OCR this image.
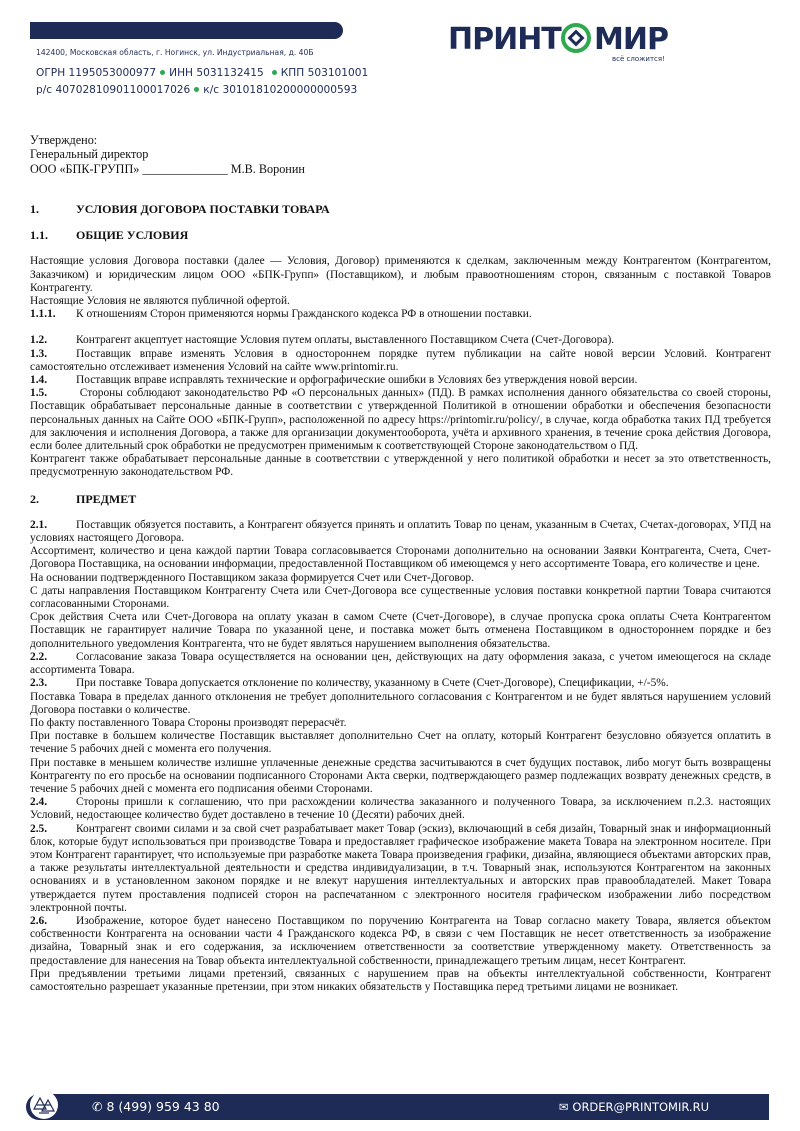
142400, Московская область, г. Ногинск, ул. Индустриальная, д. 40Б
ОГРН 1195053000977 ИНН 5031132415 КПП 503101001
р/с 40702810901100017026 к/с 30101810200000000593
ПРИНТ МИР
всё сложится!
Утверждено:
Генеральный директор
ООО «БПК-ГРУПП» ______________ М.В. Воронин

1.	УСЛОВИЯ ДОГОВОРА ПОСТАВКИ ТОВАРА

1.1. ОБЩИЕ УСЛОВИЯ

Настоящие условия Договора поставки (далее — Условия, Договор) применяются к сделкам, заключенным между Контрагентом (Контрагентом, Заказчиком) и юридическим лицом ООО «БПК-Групп» (Поставщиком), и любым правоотношениям сторон, связанным с поставкой Товаров Контрагенту.

Настоящие Условия не являются публичной офертой.

1.1.1. К отношениям Сторон применяются нормы Гражданского кодекса РФ в отношении поставки.

1.2.	Контрагент акцептует настоящие Условия путем оплаты, выставленного Поставщиком Счета (Счет-Договора).

1.3.	Поставщик вправе изменять Условия в одностороннем порядке путем публикации на сайте новой версии Условий. Контрагент самостоятельно отслеживает изменения Условий на сайте www.printomir.ru.

1.4.	Поставщик вправе исправлять технические и орфографические ошибки в Условиях без утверждения новой версии.

1.5.	Стороны соблюдают законодательство РФ «О персональных данных» (ПД). В рамках исполнения данного обязательства со своей стороны, Поставщик обрабатывает персональные данные в соответствии с утвержденной Политикой в отношении обработки и обеспечения безопасности персональных данных на Сайте ООО «БПК-Групп», расположенной по адресу https://printomir.ru/policy/, в случае, когда обработка таких ПД требуется для заключения и исполнения Договора, а также для организации документооборота, учёта и архивного хранения, в течение срока действия Договора, если более длительный срок обработки не предусмотрен применимым к соответствующей Стороне законодательством о ПД.

Контрагент также обрабатывает персональные данные в соответствии с утвержденной у него политикой обработки и несет за это ответственность, предусмотренную законодательством РФ.

2.	ПРЕДМЕТ

2.1.	Поставщик обязуется поставить, а Контрагент обязуется принять и оплатить Товар по ценам, указанным в Счетах, Счетах-договорах, УПД на условиях настоящего Договора.

Ассортимент, количество и цена каждой партии Товара согласовывается Сторонами дополнительно на основании Заявки Контрагента, Счета, Счет-Договора Поставщика, на основании информации, предоставленной Поставщиком об имеющемся у него ассортименте Товара, его количестве и цене.

На основании подтвержденного Поставщиком заказа формируется Счет или Счет-Договор.

С даты направления Поставщиком Контрагенту Счета или Счет-Договора все существенные условия поставки конкретной партии Товара считаются согласованными Сторонами.

Срок действия Счета или Счет-Договора на оплату указан в самом Счете (Счет-Договоре), в случае пропуска срока оплаты Счета Контрагентом Поставщик не гарантирует наличие Товара по указанной цене, и поставка может быть отменена Поставщиком в одностороннем порядке и без дополнительного уведомления Контрагента, что не будет являться нарушением выполнения обязательства.

2.2.	Согласование заказа Товара осуществляется на основании цен, действующих на дату оформления заказа, с учетом имеющегося на складе ассортимента Товара.

2.3.	При поставке Товара допускается отклонение по количеству, указанному в Счете (Счет-Договоре), Спецификации, +/-5%.

Поставка Товара в пределах данного отклонения не требует дополнительного согласования с Контрагентом и не будет являться нарушением условий Договора поставки о количестве.

По факту поставленного Товара Стороны производят перерасчёт.

При поставке в большем количестве Поставщик выставляет дополнительно Счет на оплату, который Контрагент безусловно обязуется оплатить в течение 5 рабочих дней с момента его получения.

При поставке в меньшем количестве излишне уплаченные денежные средства засчитываются в счет будущих поставок, либо могут быть возвращены Контрагенту по его просьбе на основании подписанного Сторонами Акта сверки, подтверждающего размер подлежащих возврату денежных средств, в течение 5 рабочих дней с момента его подписания обеими Сторонами.

2.4.	Стороны пришли к соглашению, что при расхождении количества заказанного и полученного Товара, за исключением п.2.3. настоящих Условий, недостающее количество будет доставлено в течение 10 (Десяти) рабочих дней.

2.5.	Контрагент своими силами и за свой счет разрабатывает макет Товар (эскиз), включающий в себя дизайн, Товарный знак и информационный блок, которые будут использоваться при производстве Товара и предоставляет графическое изображение макета Товара на электронном носителе. При этом Контрагент гарантирует, что используемые при разработке макета Товара произведения графики, дизайна, являющиеся объектами авторских прав, а также результаты интеллектуальной деятельности и средства индивидуализации, в т.ч. Товарный знак, используются Контрагентом на законных основаниях и в установленном законом порядке и не влекут нарушения интеллектуальных и авторских прав правообладателей. Макет Товара утверждается путем проставления подписей сторон на распечатанном с электронного носителя графическом изображении либо посредством электронной почты.

2.6.	Изображение, которое будет нанесено Поставщиком по поручению Контрагента на Товар согласно макету Товара, является объектом собственности Контрагента на основании части 4 Гражданского кодекса РФ, в связи с чем Поставщик не несет ответственность за изображение дизайна, Товарный знак и его содержания, за исключением ответственности за соответствие утвержденному макету. Ответственность за предоставление для нанесения на Товар объекта интеллектуальной собственности, принадлежащего третьим лицам, несет Контрагент.

При предъявлении третьими лицами претензий, связанных с нарушением прав на объекты интеллектуальной собственности, Контрагент самостоятельно разрешает указанные претензии, при этом никаких обязательств у Поставщика перед третьими лицами не возникает.

✆ 8 (499) 959 43 80	✉ ORDER@PRINTOMIR.RU
